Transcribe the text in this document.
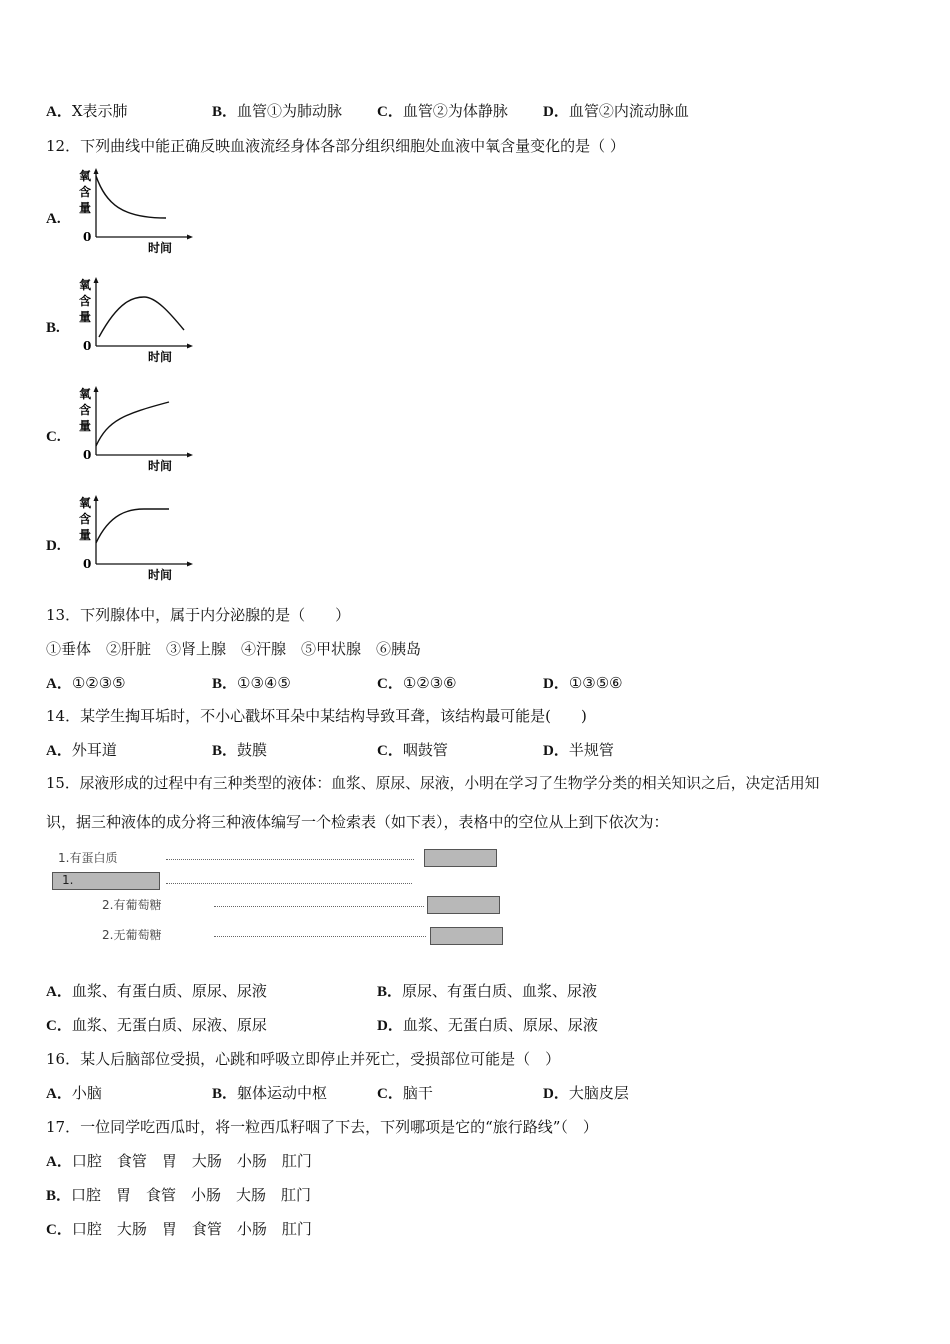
A．X表示肺	B．血管①为肺动脉 C．血管②为体静脉 D．血管②内流动脉血
12．下列曲线中能正确反映血液流经身体各部分组织细胞处血液中氧含量变化的是（ ）
A.
氧
含
量
0
时间
B.
氧
含
量
0
时间
C.
氧
含
量
0
时间
D.
氧
含
量
0
时间
13．下列腺体中，属于内分泌腺的是（　　）
①垂体　②肝脏　③肾上腺　④汗腺　⑤甲状腺　⑥胰岛
A．①②③⑤	B．①③④⑤	C．①②③⑥	D．①③⑤⑥
14．某学生掏耳垢时，不小心戳坏耳朵中某结构导致耳聋，该结构最可能是(　　)
A．外耳道	B．鼓膜	C．咽鼓管	D．半规管
15．尿液形成的过程中有三种类型的液体：血浆、原尿、尿液，小明在学习了生物学分类的相关知识之后，决定活用知
识，据三种液体的成分将三种液体编写一个检索表（如下表），表格中的空位从上到下依次为：
1.有蛋白质
1.
2.有葡萄糖
2.无葡萄糖
A．血浆、有蛋白质、原尿、尿液	B．原尿、有蛋白质、血浆、尿液
C．血浆、无蛋白质、尿液、原尿	D．血浆、无蛋白质、原尿、尿液
16．某人后脑部位受损，心跳和呼吸立即停止并死亡，受损部位可能是（　）
A．小脑	B．躯体运动中枢	C．脑干	D．大脑皮层
17．一位同学吃西瓜时，将一粒西瓜籽咽了下去，下列哪项是它的“旅行路线”（　）
A．口腔　食管　胃　大肠　小肠　肛门
B．口腔　胃　食管　小肠　大肠　肛门
C．口腔　大肠　胃　食管　小肠　肛门
